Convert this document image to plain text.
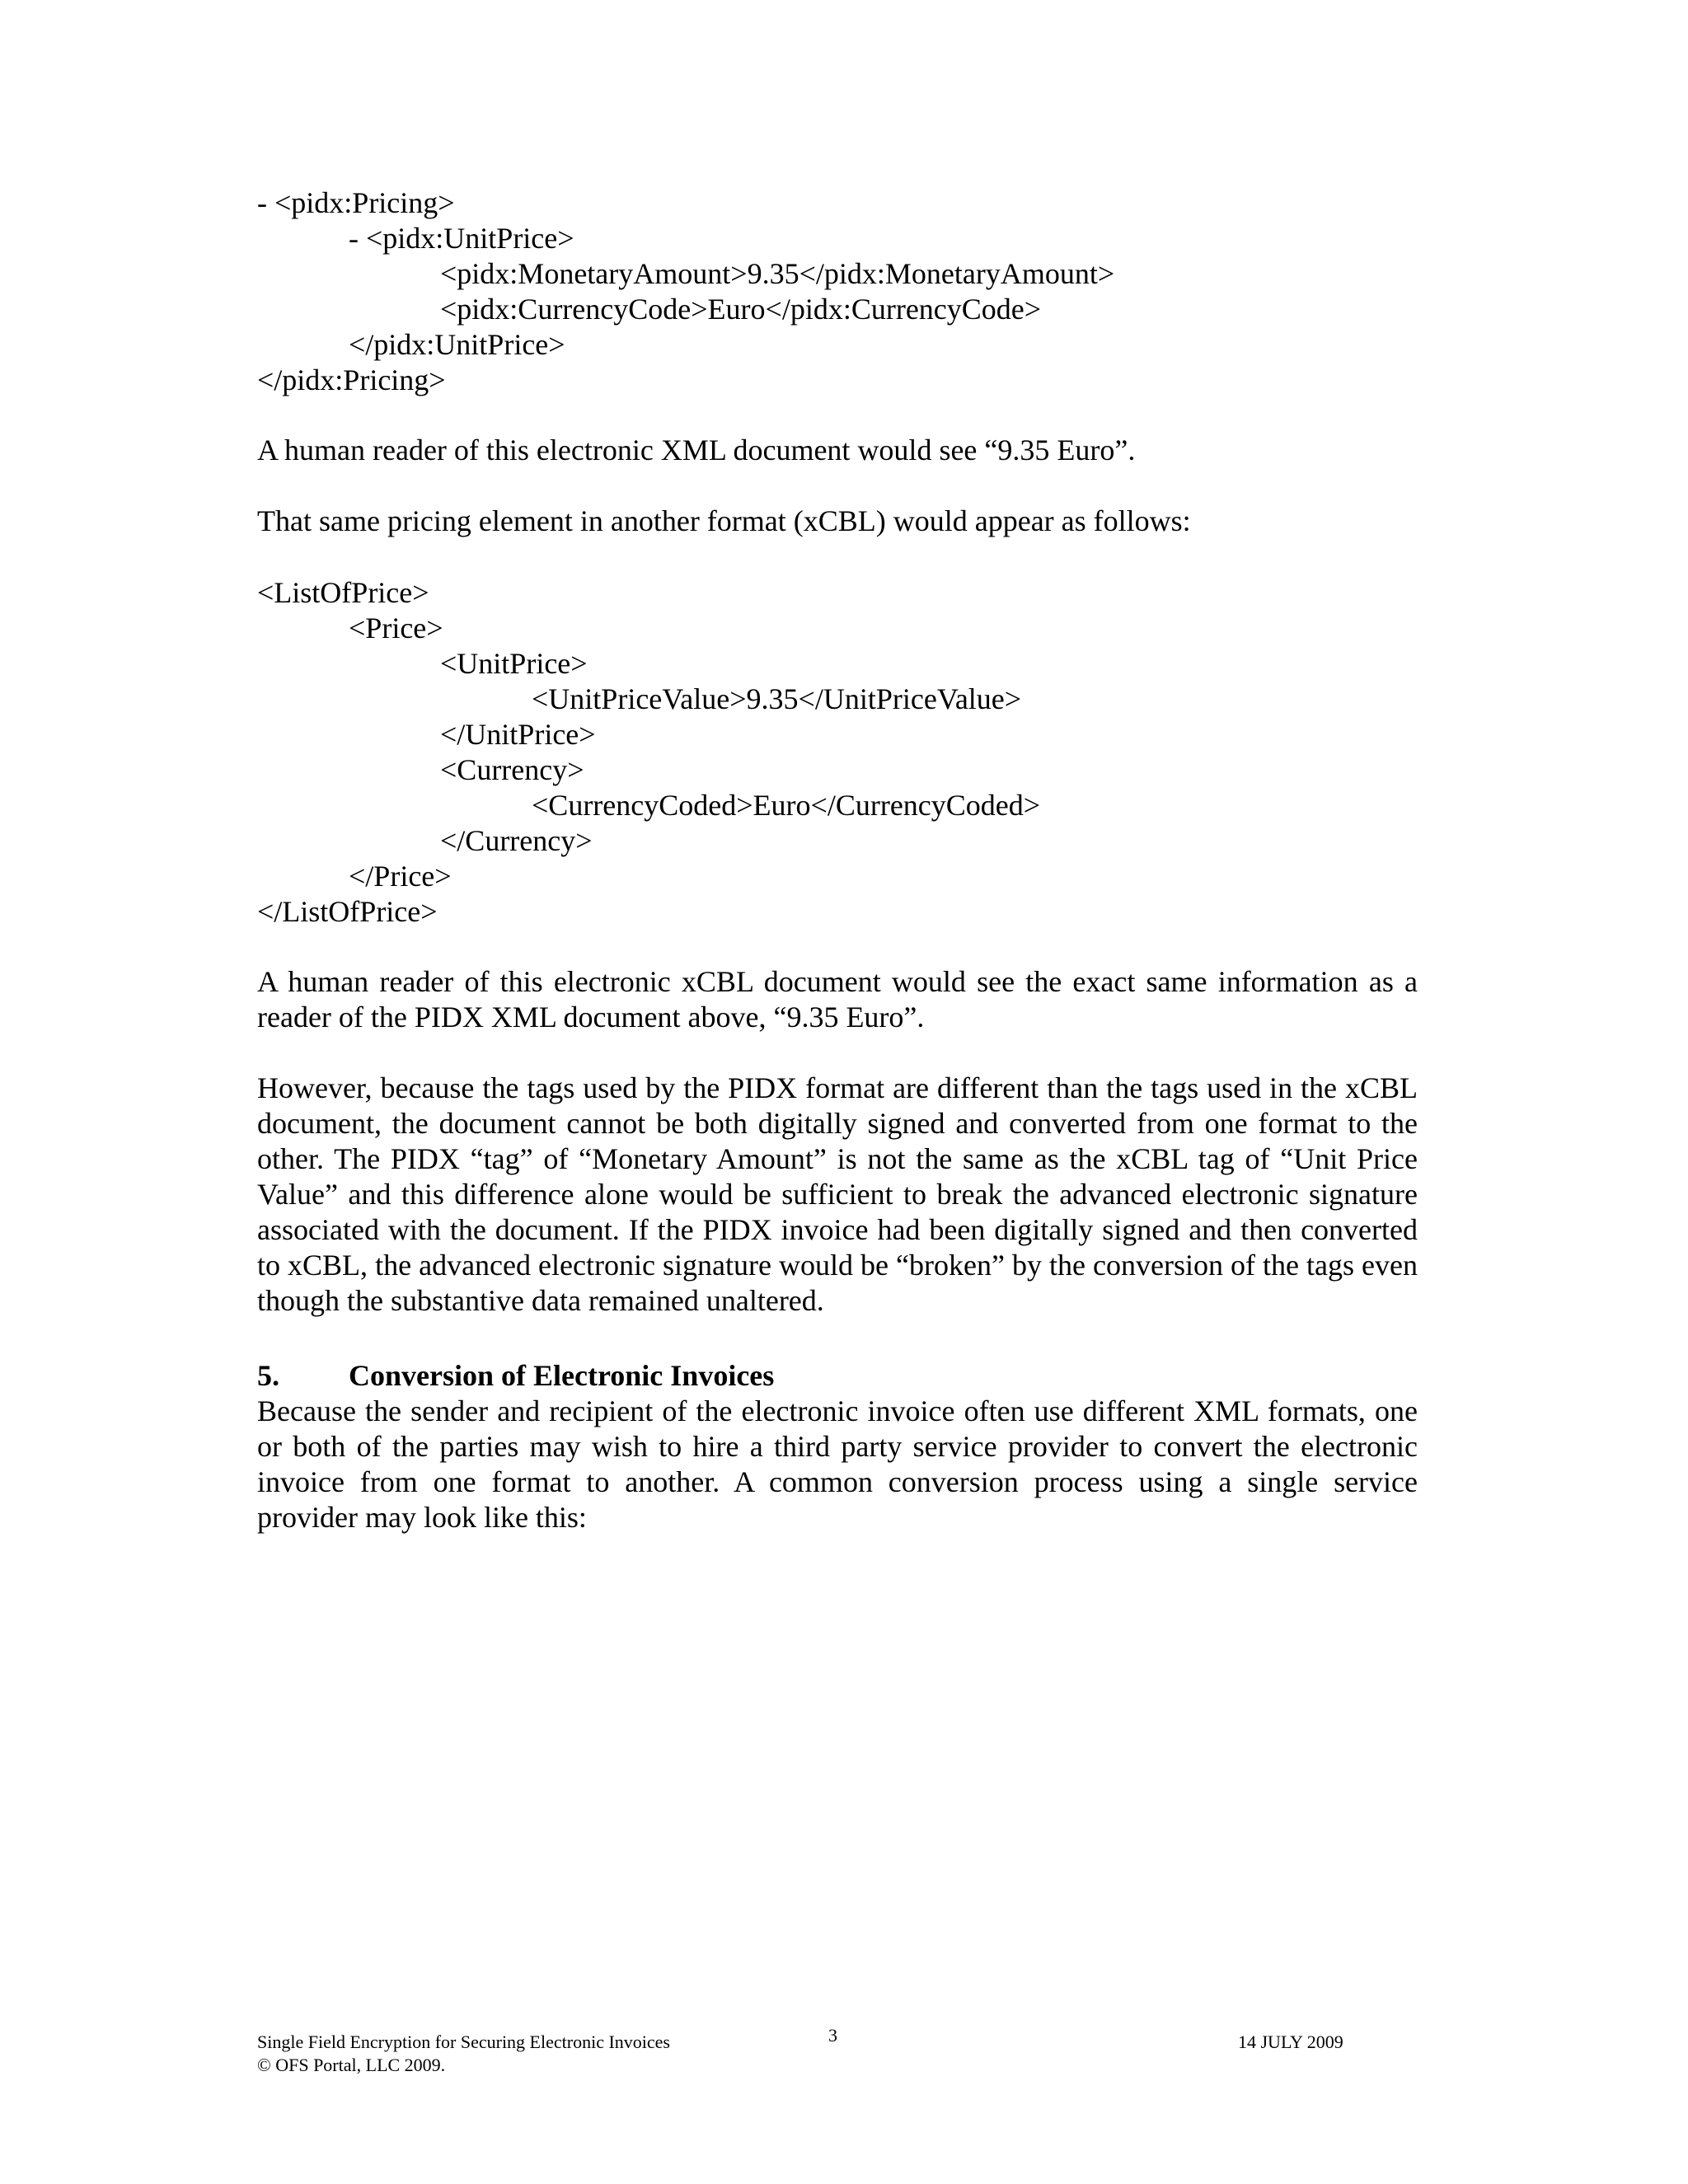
- <pidx:Pricing>
- <pidx:UnitPrice>
<pidx:MonetaryAmount>9.35</pidx:MonetaryAmount>
<pidx:CurrencyCode>Euro</pidx:CurrencyCode>
</pidx:UnitPrice>
</pidx:Pricing>
A human reader of this electronic XML document would see “9.35 Euro”.
That same pricing element in another format (xCBL) would appear as follows:
<ListOfPrice>
<Price>
<UnitPrice>
<UnitPriceValue>9.35</UnitPriceValue>
</UnitPrice>
<Currency>
<CurrencyCoded>Euro</CurrencyCoded>
</Currency>
</Price>
</ListOfPrice>
A human reader of this electronic xCBL document would see the exact same information as a reader of the PIDX XML document above, “9.35 Euro”.
However, because the tags used by the PIDX format are different than the tags used in the xCBL document, the document cannot be both digitally signed and converted from one format to the other. The PIDX “tag” of “Monetary Amount” is not the same as the xCBL tag of “Unit Price Value” and this difference alone would be sufficient to break the advanced electronic signature associated with the document. If the PIDX invoice had been digitally signed and then converted to xCBL, the advanced electronic signature would be “broken” by the conversion of the tags even though the substantive data remained unaltered.
5. Conversion of Electronic Invoices
Because the sender and recipient of the electronic invoice often use different XML formats, one or both of the parties may wish to hire a third party service provider to convert the electronic invoice from one format to another. A common conversion process using a single service provider may look like this:
Single Field Encryption for Securing Electronic Invoices
© OFS Portal, LLC 2009.
3	14 JULY 2009
